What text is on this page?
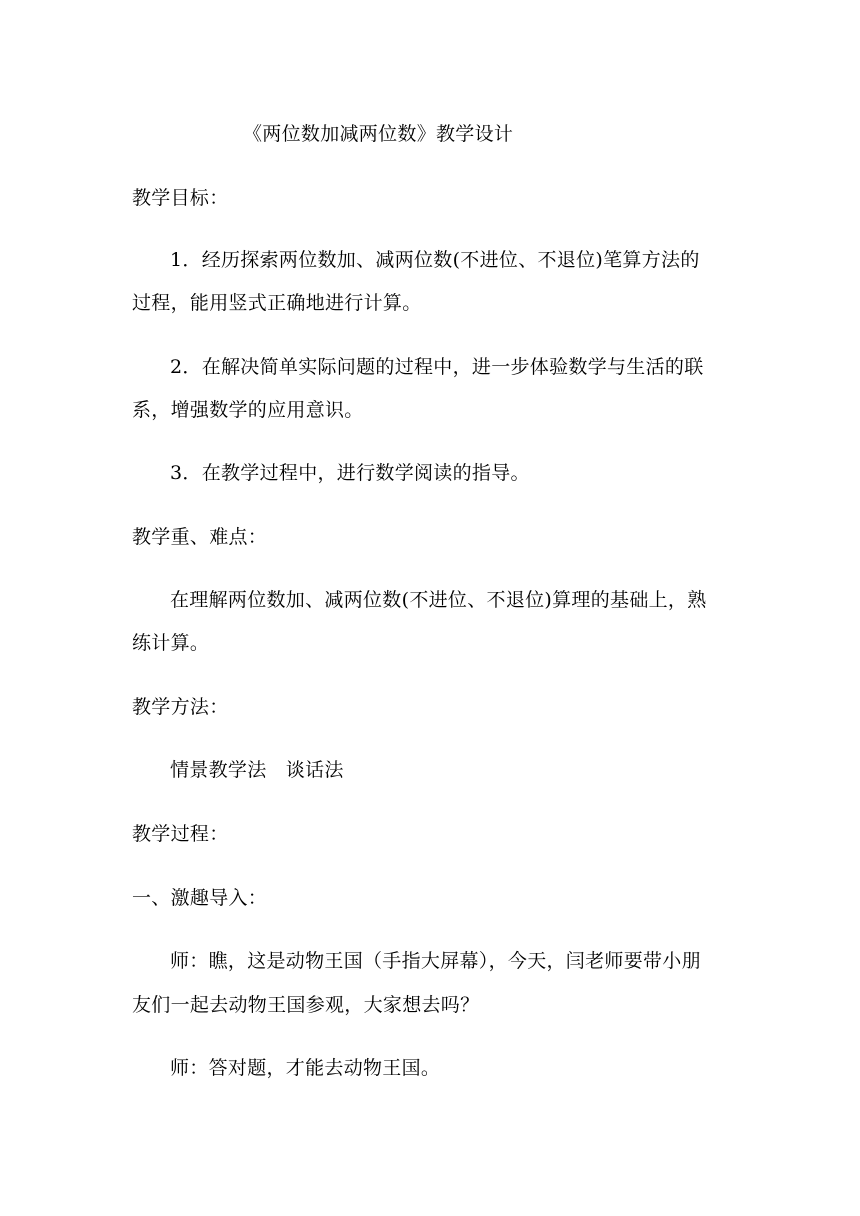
《两位数加减两位数》教学设计
教学目标：
1．经历探索两位数加、减两位数(不进位、不退位)笔算方法的
过程，能用竖式正确地进行计算。
2．在解决简单实际问题的过程中，进一步体验数学与生活的联
系，增强数学的应用意识。
3．在教学过程中，进行数学阅读的指导。
教学重、难点：
在理解两位数加、减两位数(不进位、不退位)算理的基础上，熟
练计算。
教学方法：
情景教学法　谈话法
教学过程：
一、激趣导入：
师：瞧，这是动物王国（手指大屏幕），今天，闫老师要带小朋
友们一起去动物王国参观，大家想去吗？
师：答对题，才能去动物王国。
